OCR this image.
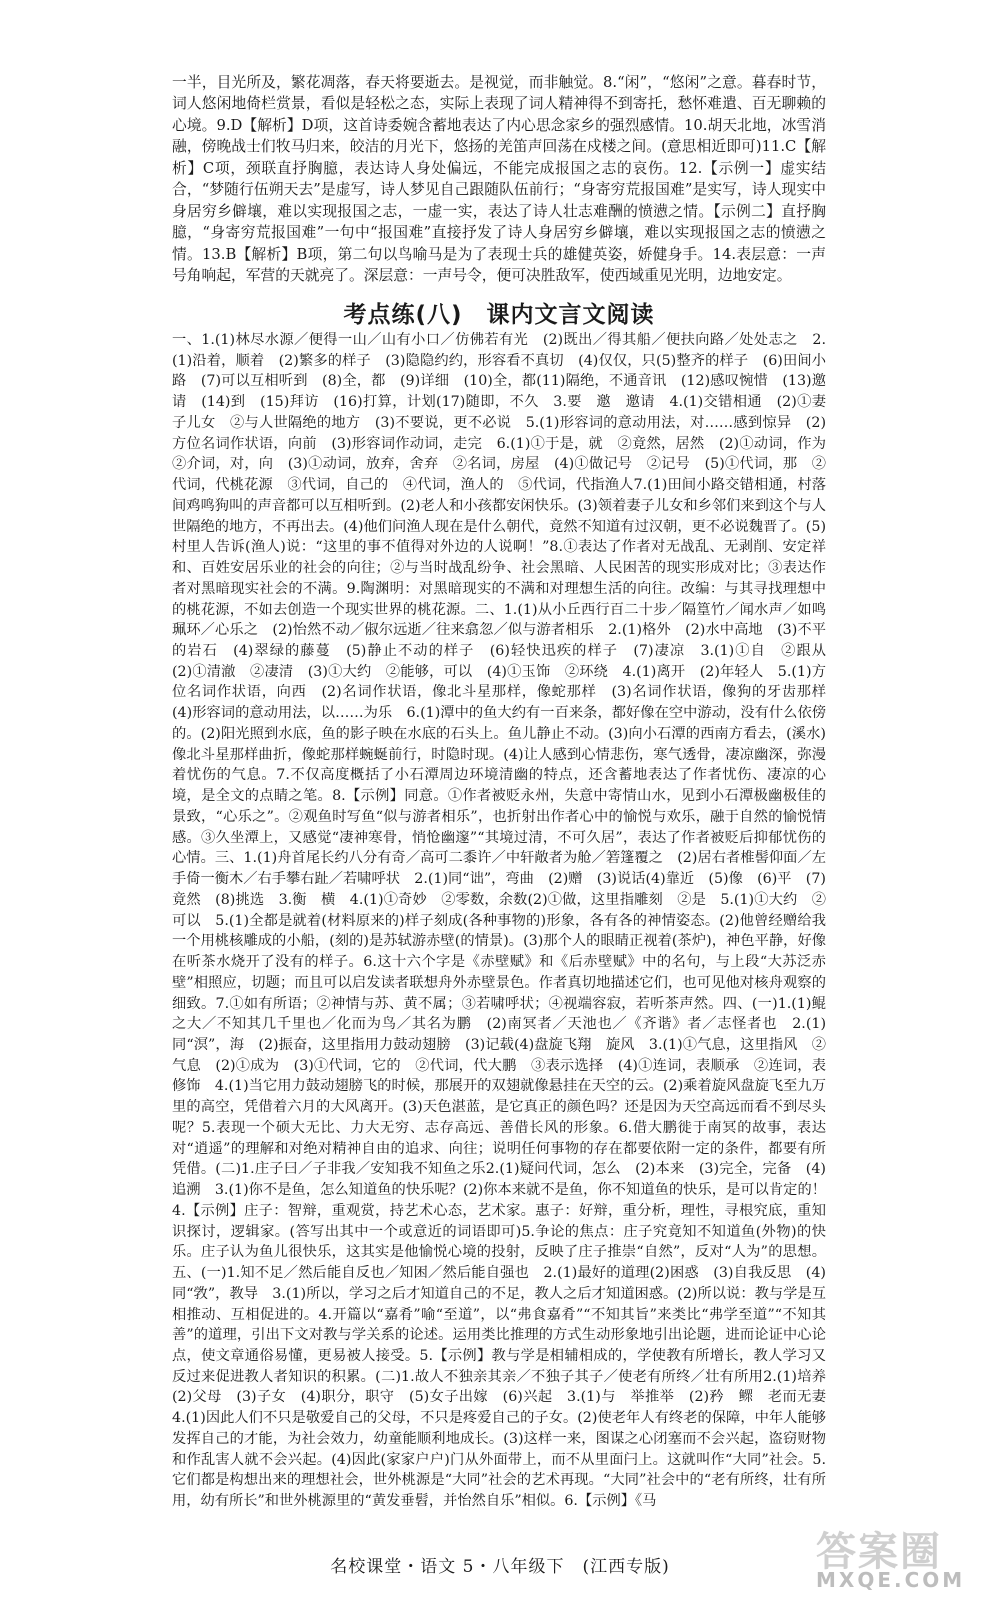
一半，目光所及，繁花凋落，春天将要逝去。是视觉，而非触觉。8.“闲”，“悠闲”之意。暮春时节，词人悠闲地倚栏赏景，看似是轻松之态，实际上表现了词人精神得不到寄托，愁怀难遣、百无聊赖的心境。9.D【解析】D项，这首诗委婉含蓄地表达了内心思念家乡的强烈感情。10.胡天北地，冰雪消融，傍晚战士们牧马归来，皎洁的月光下，悠扬的羌笛声回荡在戍楼之间。(意思相近即可)11.C【解析】C项，颈联直抒胸臆，表达诗人身处偏远，不能完成报国之志的哀伤。12.【示例一】虚实结合，“梦随行伍朔天去”是虚写，诗人梦见自己跟随队伍前行；“身寄穷荒报国难”是实写，诗人现实中身居穷乡僻壤，难以实现报国之志，一虚一实，表达了诗人壮志难酬的愤懑之情。【示例二】直抒胸臆，“身寄穷荒报国难”一句中“报国难”直接抒发了诗人身居穷乡僻壤，难以实现报国之志的愤懑之情。13.B【解析】B项，第二句以鸟喻马是为了表现士兵的雄健英姿，娇健身手。14.表层意：一声号角响起，军营的天就亮了。深层意：一声号令，便可决胜敌军，使西域重见光明，边地安定。

考点练(八)　课内文言文阅读

一、1.(1)林尽水源／便得一山／山有小口／仿佛若有光　(2)既出／得其船／便扶向路／处处志之　2.(1)沿着，顺着　(2)繁多的样子　(3)隐隐约约，形容看不真切　(4)仅仅，只(5)整齐的样子　(6)田间小路　(7)可以互相听到　(8)全，都　(9)详细　(10)全，都(11)隔绝，不通音讯　(12)感叹惋惜　(13)邀请　(14)到　(15)拜访　(16)打算，计划(17)随即，不久　3.要　邀　邀请　4.(1)交错相通　(2)①妻子儿女　②与人世隔绝的地方　(3)不要说，更不必说　5.(1)形容词的意动用法，对……感到惊异　(2)方位名词作状语，向前　(3)形容词作动词，走完　6.(1)①于是，就　②竟然，居然　(2)①动词，作为②介词，对，向　(3)①动词，放弃，舍弃　②名词，房屋　(4)①做记号　②记号　(5)①代词，那　②代词，代桃花源　③代词，自己的　④代词，渔人的　⑤代词，代指渔人7.(1)田间小路交错相通，村落间鸡鸣狗叫的声音都可以互相听到。(2)老人和小孩都安闲快乐。(3)领着妻子儿女和乡邻们来到这个与人世隔绝的地方，不再出去。(4)他们问渔人现在是什么朝代，竟然不知道有过汉朝，更不必说魏晋了。(5)村里人告诉(渔人)说：“这里的事不值得对外边的人说啊！”8.①表达了作者对无战乱、无剥削、安定祥和、百姓安居乐业的社会的向往；②与当时战乱纷争、社会黑暗、人民困苦的现实形成对比；③表达作者对黑暗现实社会的不满。9.陶渊明：对黑暗现实的不满和对理想生活的向往。改编：与其寻找理想中的桃花源，不如去创造一个现实世界的桃花源。二、1.(1)从小丘西行百二十步／隔篁竹／闻水声／如鸣珮环／心乐之　(2)怡然不动／俶尔远逝／往来翕忽／似与游者相乐　2.(1)格外　(2)水中高地　(3)不平的岩石　(4)翠绿的藤蔓　(5)静止不动的样子　(6)轻快迅疾的样子　(7)凄凉　3.(1)①自　②跟从　(2)①清澈　②凄清　(3)①大约　②能够，可以　(4)①玉饰　②环绕　4.(1)离开　(2)年轻人　5.(1)方位名词作状语，向西　(2)名词作状语，像北斗星那样，像蛇那样　(3)名词作状语，像狗的牙齿那样　(4)形容词的意动用法，以……为乐　6.(1)潭中的鱼大约有一百来条，都好像在空中游动，没有什么依傍的。(2)阳光照到水底，鱼的影子映在水底的石头上。鱼儿静止不动。(3)向小石潭的西南方看去，(溪水)像北斗星那样曲折，像蛇那样蜿蜒前行，时隐时现。(4)让人感到心情悲伤，寒气透骨，凄凉幽深，弥漫着忧伤的气息。7.不仅高度概括了小石潭周边环境清幽的特点，还含蓄地表达了作者忧伤、凄凉的心境，是全文的点睛之笔。8.【示例】同意。①作者被贬永州，失意中寄情山水，见到小石潭极幽极佳的景致，“心乐之”。②观鱼时写鱼“似与游者相乐”，也折射出作者心中的愉悦与欢乐，融于自然的愉悦情感。③久坐潭上，又感觉“凄神寒骨，悄怆幽邃”“其境过清，不可久居”，表达了作者被贬后抑郁忧伤的心情。三、1.(1)舟首尾长约八分有奇／高可二黍许／中轩敞者为舱／箬篷覆之　(2)居右者椎髻仰面／左手倚一衡木／右手攀右趾／若啸呼状　2.(1)同“诎”，弯曲　(2)赠　(3)说话(4)靠近　(5)像　(6)平　(7)竟然　(8)挑选　3.衡　横　4.(1)①奇妙　②零数，余数(2)①做，这里指雕刻　②是　5.(1)①大约　②可以　5.(1)全都是就着(材料原来的)样子刻成(各种事物的)形象，各有各的神情姿态。(2)他曾经赠给我一个用桃核雕成的小船，(刻的)是苏轼游赤壁(的情景)。(3)那个人的眼睛正视着(茶炉)，神色平静，好像在听茶水烧开了没有的样子。6.这十六个字是《赤壁赋》和《后赤壁赋》中的名句，与上段“大苏泛赤壁”相照应，切题；而且可以启发读者联想舟外赤壁景色。作者真切地描述它们，也可见他对核舟观察的细致。7.①如有所语；②神情与苏、黄不属；③若啸呼状；④视端容寂，若听茶声然。四、(一)1.(1)鲲之大／不知其几千里也／化而为鸟／其名为鹏　(2)南冥者／天池也／《齐谐》者／志怪者也　2.(1)同“溟”，海　(2)振奋，这里指用力鼓动翅膀　(3)记载(4)盘旋飞翔　旋风　3.(1)①气息，这里指风　②气息　(2)①成为　(3)①代词，它的　②代词，代大鹏　③表示选择　(4)①连词，表顺承　②连词，表修饰　4.(1)当它用力鼓动翅膀飞的时候，那展开的双翅就像悬挂在天空的云。(2)乘着旋风盘旋飞至九万里的高空，凭借着六月的大风离开。(3)天色湛蓝，是它真正的颜色吗？还是因为天空高远而看不到尽头呢？5.表现一个硕大无比、力大无穷、志存高远、善借长风的形象。6.借大鹏徙于南冥的故事，表达对“逍遥”的理解和对绝对精神自由的追求、向往；说明任何事物的存在都要依附一定的条件，都要有所凭借。(二)1.庄子曰／子非我／安知我不知鱼之乐2.(1)疑问代词，怎么　(2)本来　(3)完全，完备　(4)追溯　3.(1)你不是鱼，怎么知道鱼的快乐呢？(2)你本来就不是鱼，你不知道鱼的快乐，是可以肯定的！4.【示例】庄子：智辩，重观赏，持艺术心态，艺术家。惠子：好辩，重分析，理性，寻根究底，重知识探讨，逻辑家。(答写出其中一个或意近的词语即可)5.争论的焦点：庄子究竟知不知道鱼(外物)的快乐。庄子认为鱼儿很快乐，这其实是他愉悦心境的投射，反映了庄子推崇“自然”，反对“人为”的思想。五、(一)1.知不足／然后能自反也／知困／然后能自强也　2.(1)最好的道理(2)困惑　(3)自我反思　(4)同“敩”，教导　3.(1)所以，学习之后才知道自己的不足，教人之后才知道困惑。(2)所以说：教与学是互相推动、互相促进的。4.开篇以“嘉肴”喻“至道”，以“弗食嘉肴”“不知其旨”来类比“弗学至道”“不知其善”的道理，引出下文对教与学关系的论述。运用类比推理的方式生动形象地引出论题，进而论证中心论点，使文章通俗易懂，更易被人接受。5.【示例】教与学是相辅相成的，学使教有所增长，教人学习又反过来促进教人者知识的积累。(二)1.故人不独亲其亲／不独子其子／使老有所终／壮有所用2.(1)培养　(2)父母　(3)子女　(4)职分，职守　(5)女子出嫁　(6)兴起　3.(1)与　举推举　(2)矜　鳏　老而无妻　4.(1)因此人们不只是敬爱自己的父母，不只是疼爱自己的子女。(2)使老年人有终老的保障，中年人能够发挥自己的才能，为社会效力，幼童能顺利地成长。(3)这样一来，图谋之心闭塞而不会兴起，盗窃财物和作乱害人就不会兴起。(4)因此(家家户户)门从外面带上，而不从里面闩上。这就叫作“大同”社会。5.它们都是构想出来的理想社会，世外桃源是“大同”社会的艺术再现。“大同”社会中的“老有所终，壮有所用，幼有所长”和世外桃源里的“黄发垂髫，并怡然自乐”相似。6.【示例】《马

名校课堂・语文 5・八年级下　(江西专版)	答案圈
MXQE.COM
